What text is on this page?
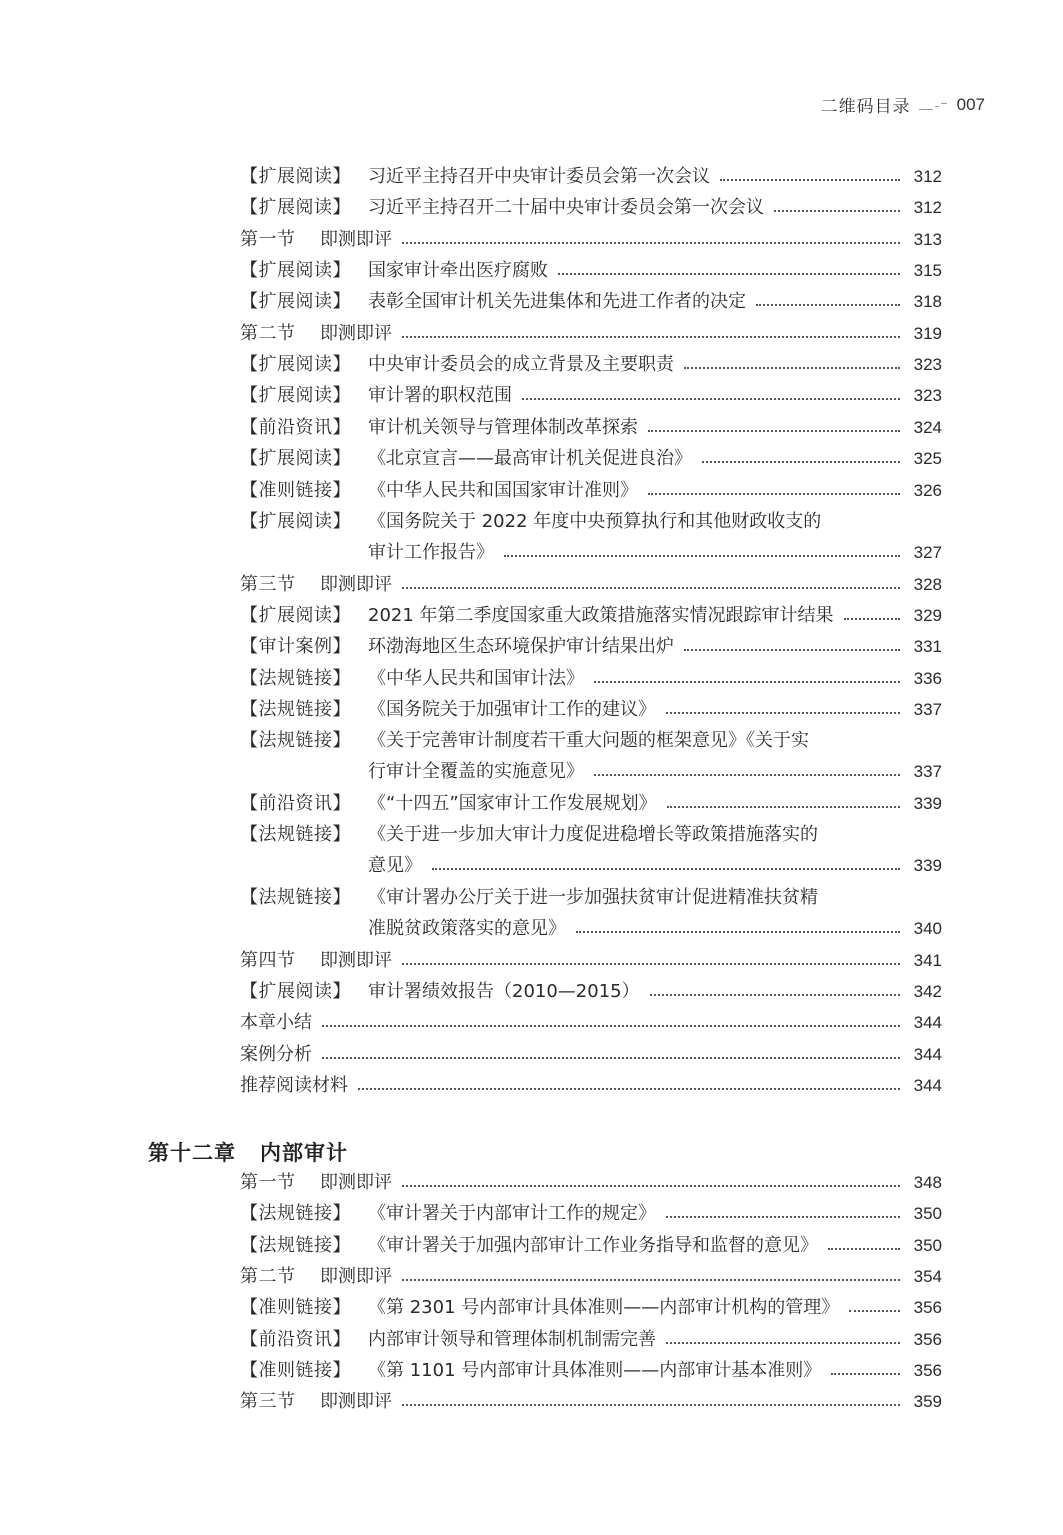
二维码目录	007
第十二章 内部审计
【扩展阅读】 习近平主持召开中央审计委员会第一次会议	312
【扩展阅读】 习近平主持召开二十届中央审计委员会第一次会议	312
第一节	即测即评	313
【扩展阅读】 国家审计牵出医疗腐败	315
【扩展阅读】 表彰全国审计机关先进集体和先进工作者的决定	318
第二节	即测即评	319
【扩展阅读】 中央审计委员会的成立背景及主要职责	323
【扩展阅读】 审计署的职权范围	323
【前沿资讯】 审计机关领导与管理体制改革探索	324
【扩展阅读】 《北京宣言——最高审计机关促进良治》	325
【准则链接】 《中华人民共和国国家审计准则》	326
【扩展阅读】 《国务院关于 2022 年度中央预算执行和其他财政收支的
审计工作报告》	327
第三节	即测即评	328
【扩展阅读】 2021 年第二季度国家重大政策措施落实情况跟踪审计结果	329
【审计案例】 环渤海地区生态环境保护审计结果出炉	331
【法规链接】 《中华人民共和国审计法》	336
【法规链接】 《国务院关于加强审计工作的建议》	337
【法规链接】 《关于完善审计制度若干重大问题的框架意见》《关于实
行审计全覆盖的实施意见》	337
【前沿资讯】 《“十四五”国家审计工作发展规划》	339
【法规链接】 《关于进一步加大审计力度促进稳增长等政策措施落实的
意见》	339
【法规链接】 《审计署办公厅关于进一步加强扶贫审计促进精准扶贫精
准脱贫政策落实的意见》	340
第四节	即测即评	341
【扩展阅读】 审计署绩效报告（2010—2015）	342
本章小结	344
案例分析	344
推荐阅读材料	344
第一节	即测即评	348
【法规链接】 《审计署关于内部审计工作的规定》	350
【法规链接】 《审计署关于加强内部审计工作业务指导和监督的意见》	350
第二节	即测即评	354
【准则链接】 《第 2301 号内部审计具体准则——内部审计机构的管理》	356
【前沿资讯】 内部审计领导和管理体制机制需完善	356
【准则链接】 《第 1101 号内部审计具体准则——内部审计基本准则》	356
第三节	即测即评	359
